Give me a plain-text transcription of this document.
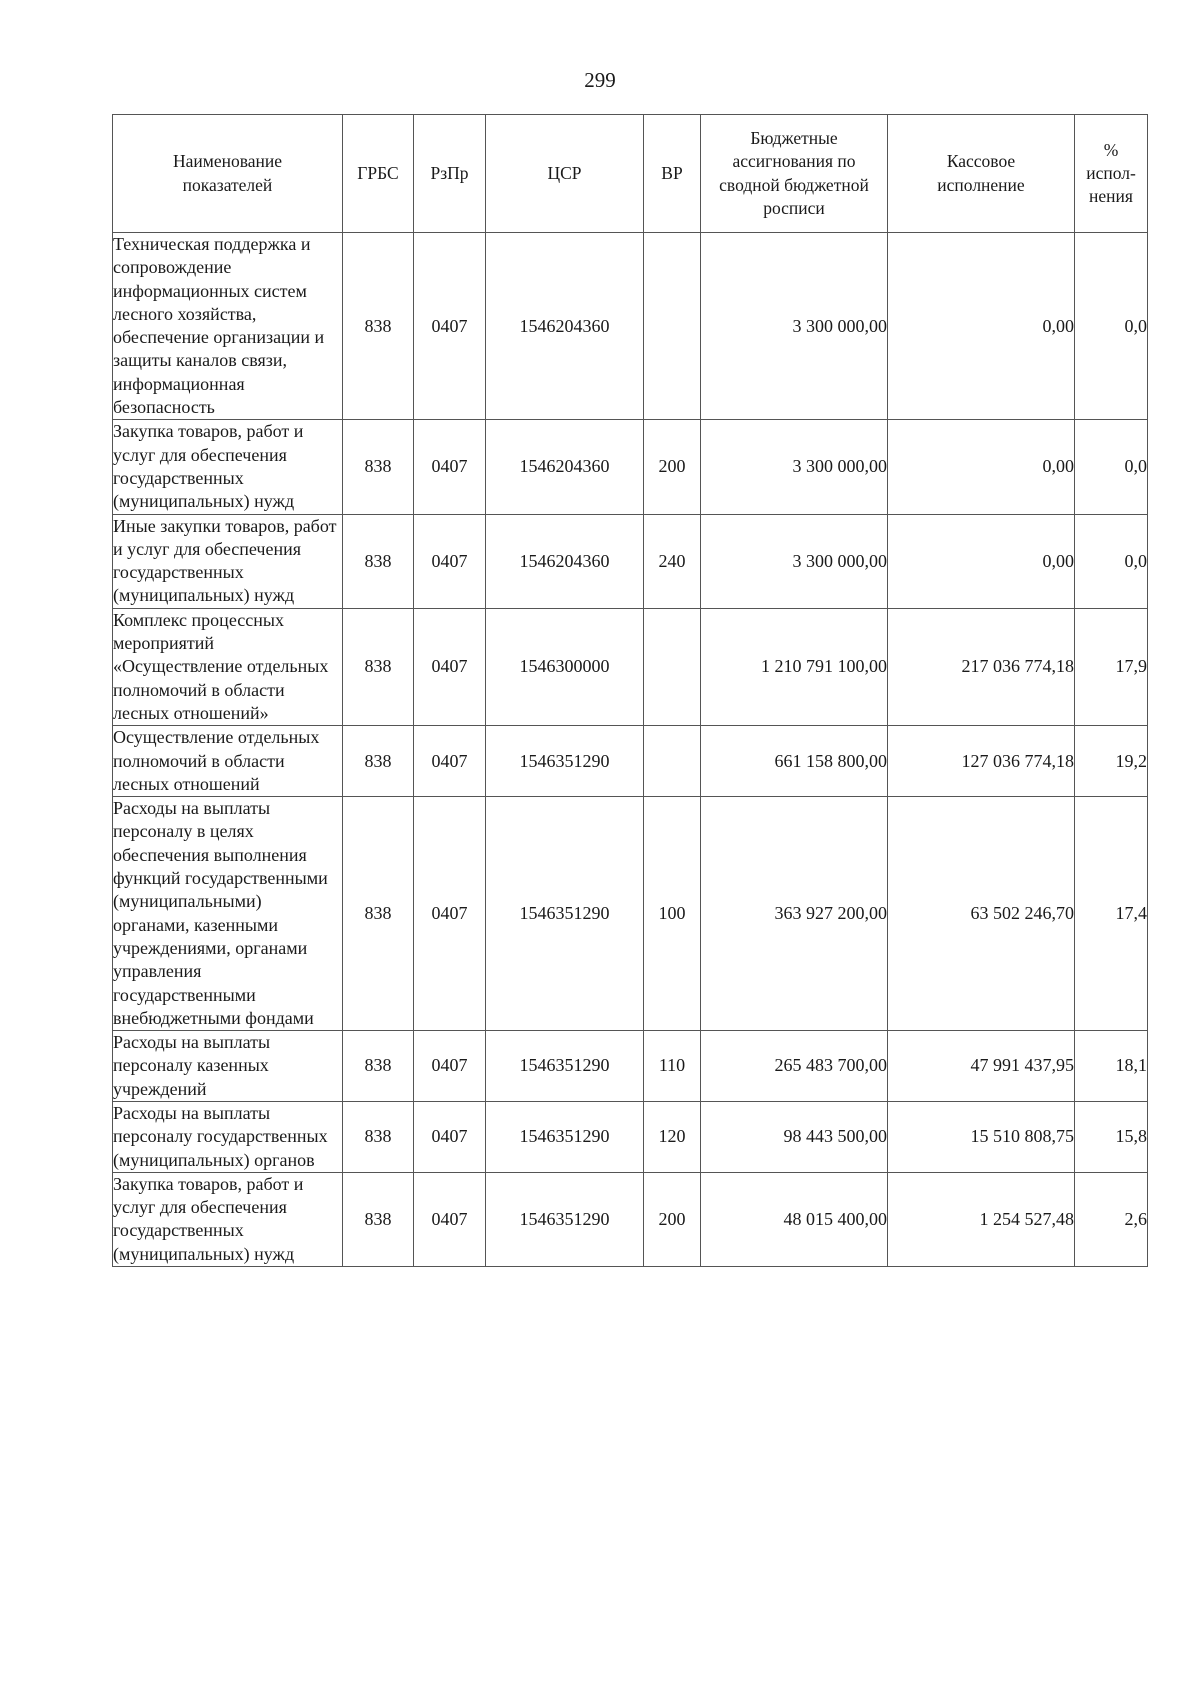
299
Наименование показателей	ГРБС	РзПр	ЦСР	ВР	Бюджетные ассигнования по сводной бюджетной росписи	Кассовое исполнение	% испол-нения
Техническая поддержка и сопровождение информационных систем лесного хозяйства, обеспечение организации и защиты каналов связи, информационная безопасность	838	0407	1546204360		3 300 000,00	0,00	0,0
Закупка товаров, работ и услуг для обеспечения государственных (муниципальных) нужд	838	0407	1546204360	200	3 300 000,00	0,00	0,0
Иные закупки товаров, работ и услуг для обеспечения государственных (муниципальных) нужд	838	0407	1546204360	240	3 300 000,00	0,00	0,0
Комплекс процессных мероприятий «Осуществление отдельных полномочий в области лесных отношений»	838	0407	1546300000		1 210 791 100,00	217 036 774,18	17,9
Осуществление отдельных полномочий в области лесных отношений	838	0407	1546351290		661 158 800,00	127 036 774,18	19,2
Расходы на выплаты персоналу в целях обеспечения выполнения функций государственными (муниципальными) органами, казенными учреждениями, органами управления государственными внебюджетными фондами	838	0407	1546351290	100	363 927 200,00	63 502 246,70	17,4
Расходы на выплаты персоналу казенных учреждений	838	0407	1546351290	110	265 483 700,00	47 991 437,95	18,1
Расходы на выплаты персоналу государственных (муниципальных) органов	838	0407	1546351290	120	98 443 500,00	15 510 808,75	15,8
Закупка товаров, работ и услуг для обеспечения государственных (муниципальных) нужд	838	0407	1546351290	200	48 015 400,00	1 254 527,48	2,6
